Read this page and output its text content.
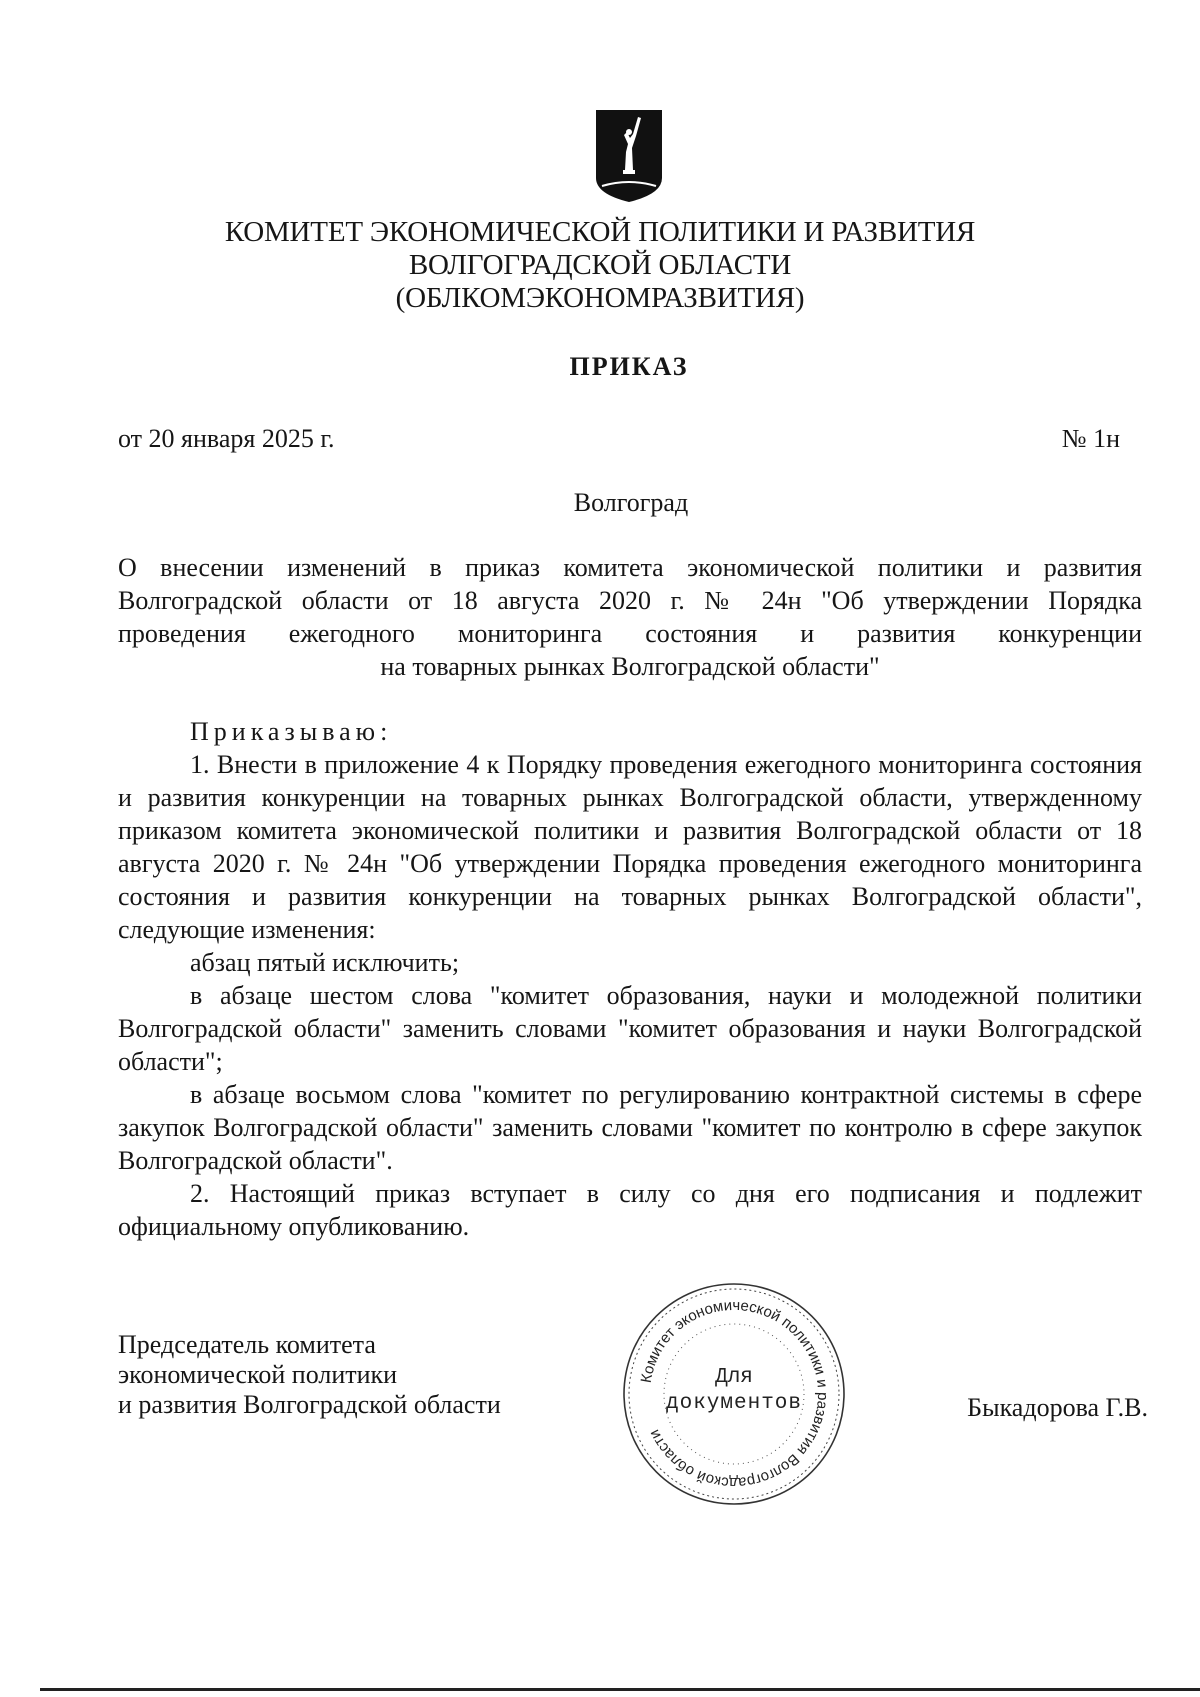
КОМИТЕТ ЭКОНОМИЧЕСКОЙ ПОЛИТИКИ И РАЗВИТИЯ
ВОЛГОГРАДСКОЙ ОБЛАСТИ
(ОБЛКОМЭКОНОМРАЗВИТИЯ)
ПРИКАЗ
от 20 января 2025 г.	№ 1н
Волгоград

О внесении изменений в приказ комитета экономической политики и развития

Волгоградской области от 18 августа 2020 г. № 24н "Об утверждении Порядка

проведения ежегодного мониторинга состояния и развития конкуренции

на товарных рынках Волгоградской области"

Приказываю:

1. Внести в приложение 4 к Порядку проведения ежегодного мониторинга состояния и развития конкуренции на товарных рынках Волгоградской области, утвержденному приказом комитета экономической политики и развития Волгоградской области от 18 августа 2020 г. № 24н "Об утверждении Порядка проведения ежегодного мониторинга состояния и развития конкуренции на товарных рынках Волгоградской области", следующие изменения:

абзац пятый исключить;

в абзаце шестом слова "комитет образования, науки и молодежной политики Волгоградской области" заменить словами "комитет образования и науки Волгоградской области";

в абзаце восьмом слова "комитет по регулированию контрактной системы в сфере закупок Волгоградской области" заменить словами "комитет по контролю в сфере закупок Волгоградской области".

2. Настоящий приказ вступает в силу со дня его подписания и подлежит официальному опубликованию.

Председатель комитета
экономической политики
и развития Волгоградской области
Комитет экономической политики и развития Волгоградской области
Для
документов	Быкадорова Г.В.
